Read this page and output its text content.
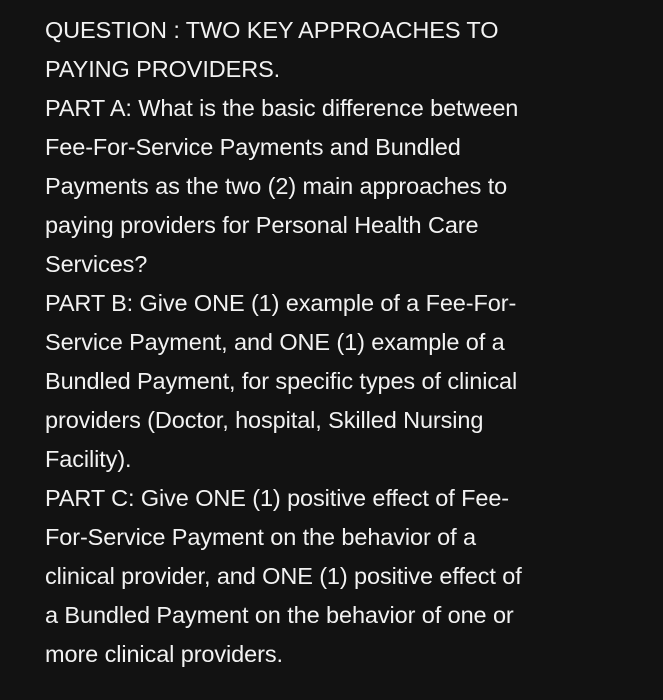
QUESTION : TWO KEY APPROACHES TO
PAYING PROVIDERS.
PART A: What is the basic difference between
Fee-For-Service Payments and Bundled
Payments as the two (2) main approaches to
paying providers for Personal Health Care
Services?
PART B: Give ONE (1) example of a Fee-For-
Service Payment, and ONE (1) example of a
Bundled Payment, for specific types of clinical
providers (Doctor, hospital, Skilled Nursing
Facility).
PART C: Give ONE (1) positive effect of Fee-
For-Service Payment on the behavior of a
clinical provider, and ONE (1) positive effect of
a Bundled Payment on the behavior of one or
more clinical providers.
